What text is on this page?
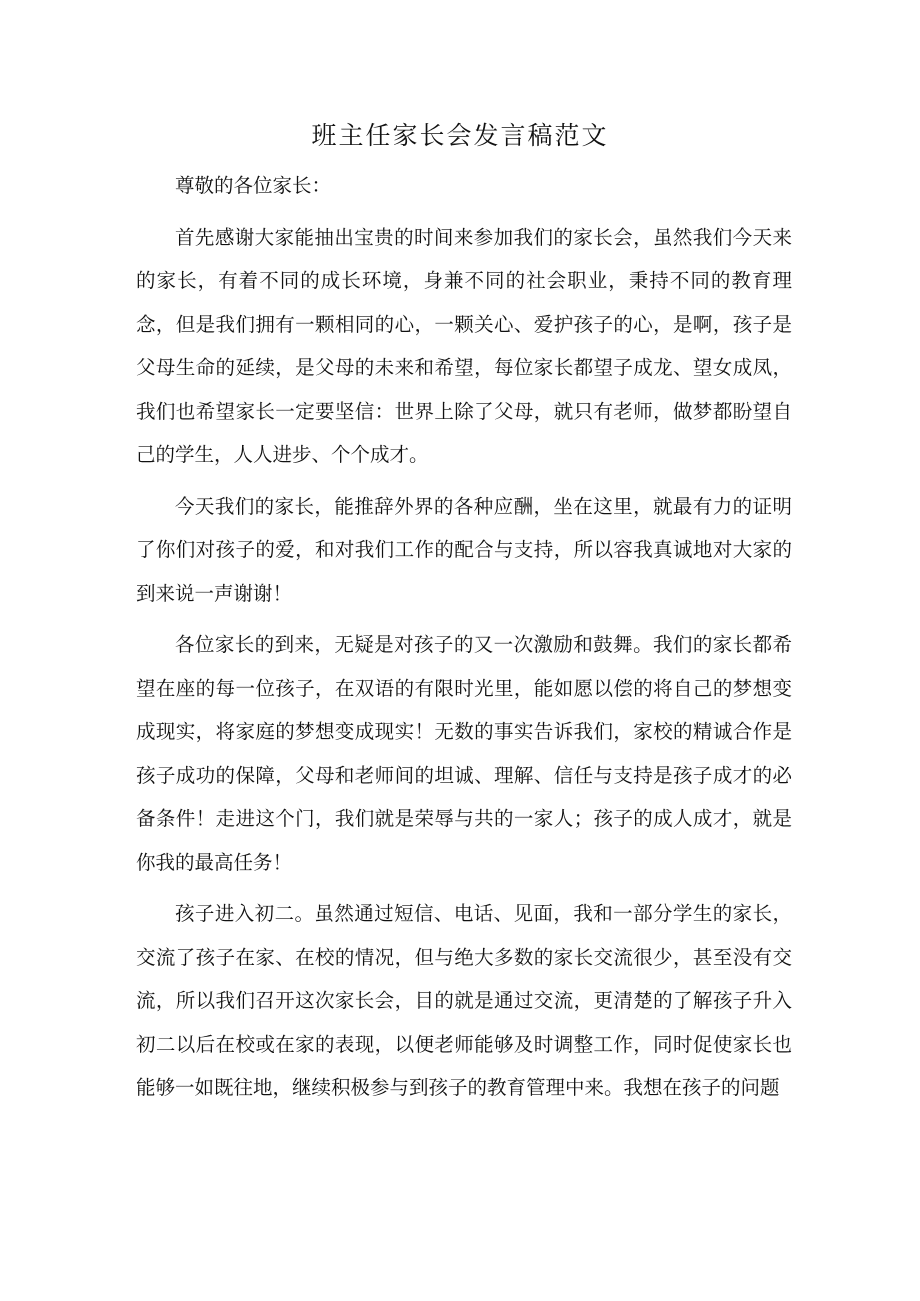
班主任家长会发言稿范文

尊敬的各位家长：

首先感谢大家能抽出宝贵的时间来参加我们的家长会，虽然我们今天来的家长，有着不同的成长环境，身兼不同的社会职业，秉持不同的教育理念，但是我们拥有一颗相同的心，一颗关心、爱护孩子的心，是啊，孩子是父母生命的延续，是父母的未来和希望，每位家长都望子成龙、望女成凤，我们也希望家长一定要坚信：世界上除了父母，就只有老师，做梦都盼望自己的学生，人人进步、个个成才。

今天我们的家长，能推辞外界的各种应酬，坐在这里，就最有力的证明了你们对孩子的爱，和对我们工作的配合与支持，所以容我真诚地对大家的到来说一声谢谢！

各位家长的到来，无疑是对孩子的又一次激励和鼓舞。我们的家长都希望在座的每一位孩子，在双语的有限时光里，能如愿以偿的将自己的梦想变成现实，将家庭的梦想变成现实！无数的事实告诉我们，家校的精诚合作是孩子成功的保障，父母和老师间的坦诚、理解、信任与支持是孩子成才的必备条件！走进这个门，我们就是荣辱与共的一家人；孩子的成人成才，就是你我的最高任务！

孩子进入初二。虽然通过短信、电话、见面，我和一部分学生的家长，交流了孩子在家、在校的情况，但与绝大多数的家长交流很少，甚至没有交流，所以我们召开这次家长会，目的就是通过交流，更清楚的了解孩子升入初二以后在校或在家的表现，以便老师能够及时调整工作，同时促使家长也能够一如既往地，继续积极参与到孩子的教育管理中来。我想在孩子的问题
